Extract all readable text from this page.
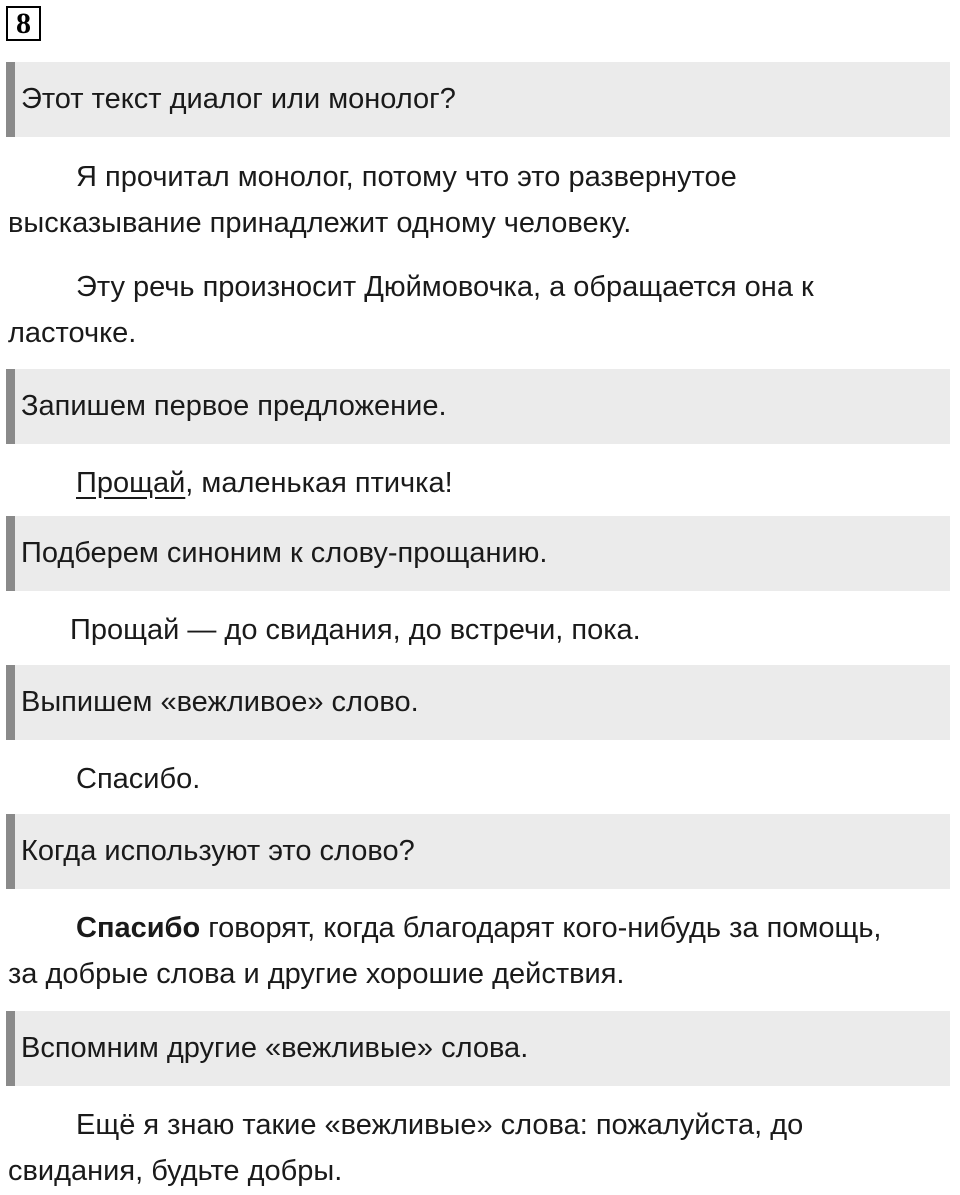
8
Этот текст диалог или монолог?

Я прочитал монолог, потому что это развернутое высказывание принадлежит одному человеку.

Эту речь произносит Дюймовочка, а обращается она к ласточке.

Запишем первое предложение.

Прощай, маленькая птичка!

Подберем синоним к слову-прощанию.

Прощай — до свидания, до встречи, пока.

Выпишем «вежливое» слово.

Спасибо.

Когда используют это слово?

Спасибо говорят, когда благодарят кого-нибудь за помощь, за добрые слова и другие хорошие действия.

Вспомним другие «вежливые» слова.

Ещё я знаю такие «вежливые» слова: пожалуйста, до свидания, будьте добры.
